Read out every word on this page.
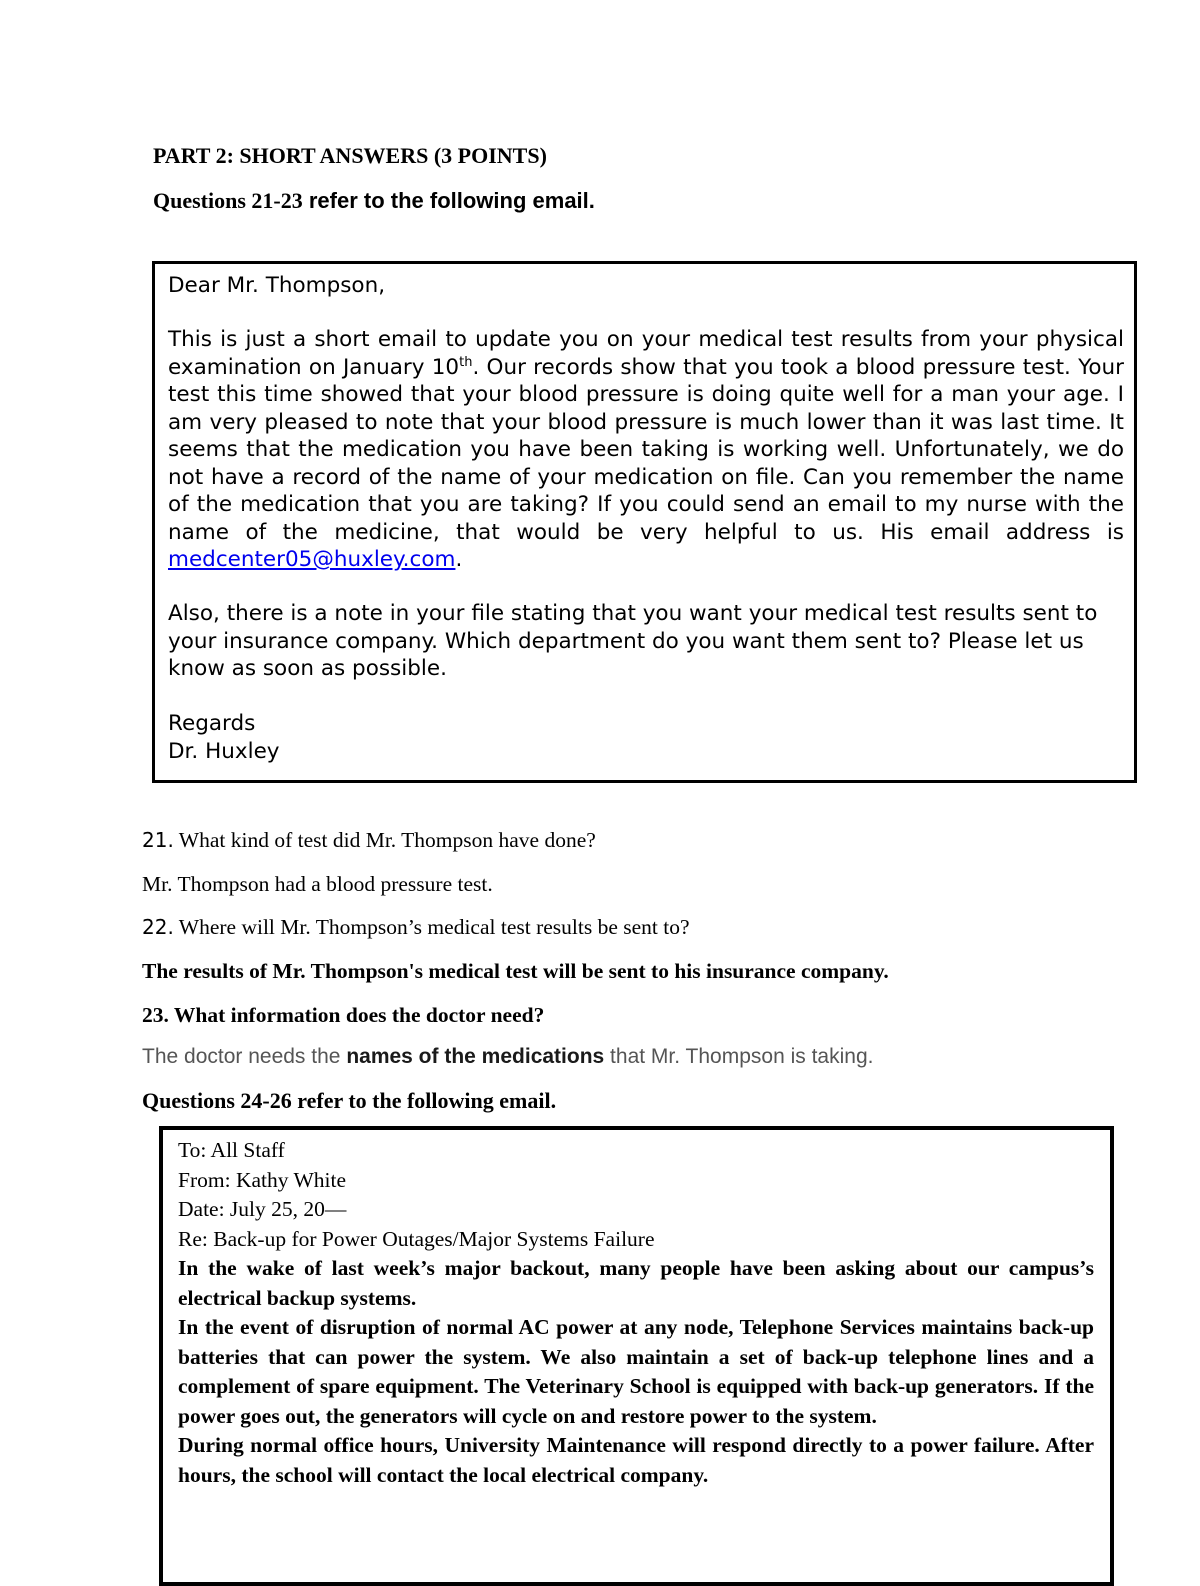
PART 2: SHORT ANSWERS (3 POINTS)
Questions 21-23 refer to the following email.
Dear Mr. Thompson,
This is just a short email to update you on your medical test results from your physical examination on January 10th. Our records show that you took a blood pressure test. Your test this time showed that your blood pressure is doing quite well for a man your age. I am very pleased to note that your blood pressure is much lower than it was last time. It seems that the medication you have been taking is working well. Unfortunately, we do not have a record of the name of your medication on file. Can you remember the name of the medication that you are taking? If you could send an email to my nurse with the name of the medicine, that would be very helpful to us. His email address is medcenter05@huxley.com.
Also, there is a note in your file stating that you want your medical test results sent to your insurance company. Which department do you want them sent to? Please let us know as soon as possible.
Regards
Dr. Huxley
21. What kind of test did Mr. Thompson have done?
Mr. Thompson had a blood pressure test.
22. Where will Mr. Thompson’s medical test results be sent to?
The results of Mr. Thompson's medical test will be sent to his insurance company.
23. What information does the doctor need?
The doctor needs the names of the medications that Mr. Thompson is taking.
Questions 24-26 refer to the following email.
To: All Staff
From: Kathy White
Date: July 25, 20—
Re: Back-up for Power Outages/Major Systems Failure

In the wake of last week’s major backout, many people have been asking about our campus’s electrical backup systems.

In the event of disruption of normal AC power at any node, Telephone Services maintains back-up batteries that can power the system. We also maintain a set of back-up telephone lines and a complement of spare equipment. The Veterinary School is equipped with back-up generators. If the power goes out, the generators will cycle on and restore power to the system.

During normal office hours, University Maintenance will respond directly to a power failure. After hours, the school will contact the local electrical company.
